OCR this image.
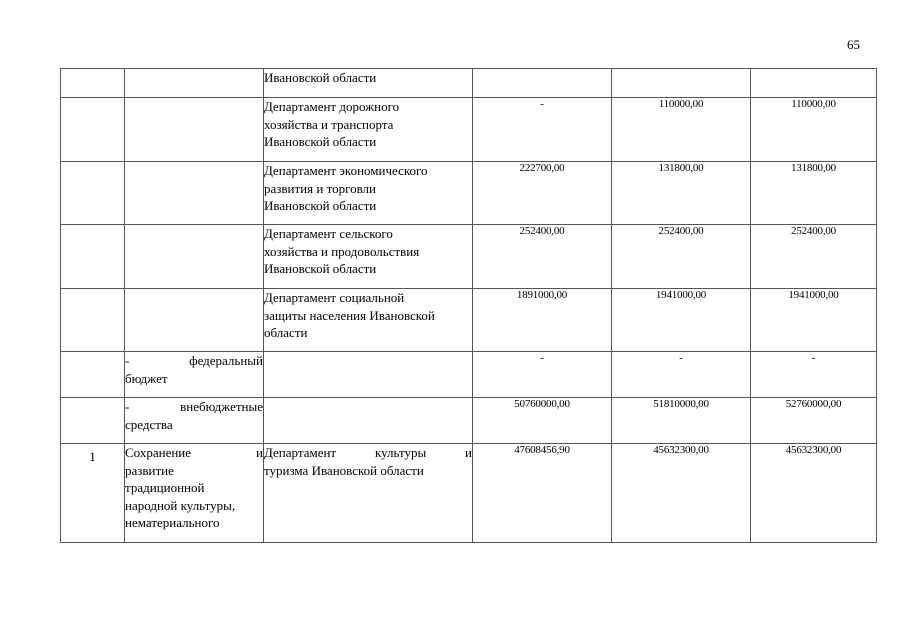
65

		Ивановской области			

		Департамент дорожного
хозяйства и транспорта
Ивановской области	-	110000,00	110000,00

		Департамент экономического
развития и торговли
Ивановской области	222700,00	131800,00	131800,00

		Департамент сельского
хозяйства и продовольствия
Ивановской области	252400,00	252400,00	252400,00

		Департамент социальной
защиты населения Ивановской
области	1891000,00	1941000,00	1941000,00

	- федеральный
бюджет		-	-	-

	- внебюджетные
средства		50760000,00	51810000,00	52760000,00
1	Сохранение и
развитие
традиционной
народной культуры,
нематериального	Департамент культуры и
туризма Ивановской области	47608456,90	45632300,00	45632300,00
